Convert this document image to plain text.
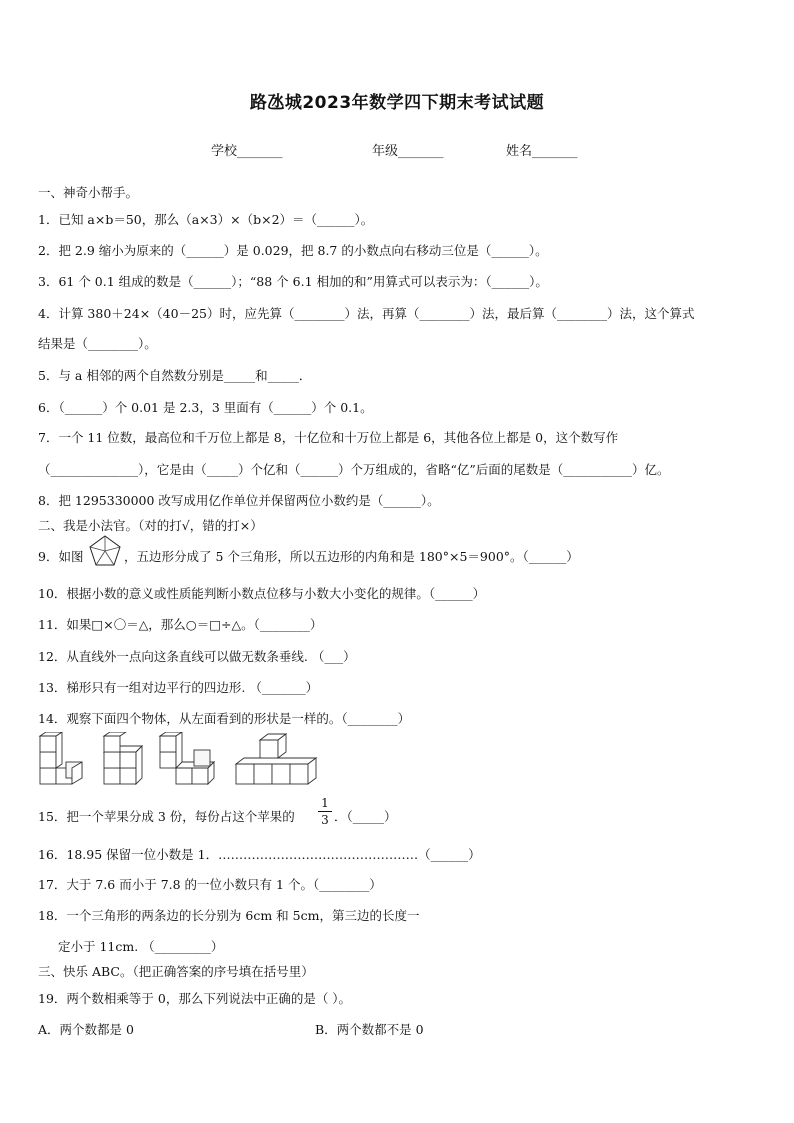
路氹城2023年数学四下期末考试试题
学校_______	年级_______	姓名_______
一、神奇小帮手。
1．已知 a×b＝50，那么（a×3）×（b×2）＝（______）。
2．把 2.9 缩小为原来的（______）是 0.029，把 8.7 的小数点向右移动三位是（______）。
3．61 个 0.1 组成的数是（______）；“88 个 6.1 相加的和”用算式可以表示为：（______）。
4．计算 380＋24×（40－25）时，应先算（________）法，再算（________）法，最后算（________）法，这个算式
结果是（________）。
5．与 a 相邻的两个自然数分别是_____和_____．
6．（______）个 0.01 是 2.3，3 里面有（______）个 0.1。
7．一个 11 位数，最高位和千万位上都是 8，十亿位和十万位上都是 6，其他各位上都是 0，这个数写作
（______________），它是由（_____）个亿和（______）个万组成的，省略“亿”后面的尾数是（___________）亿。
8．把 1295330000 改写成用亿作单位并保留两位小数约是（______）。
二、我是小法官。（对的打√，错的打×）
9．如图	，五边形分成了 5 个三角形，所以五边形的内角和是 180°×5＝900°。（______）
10．根据小数的意义或性质能判断小数点位移与小数大小变化的规律。（______）
11．如果□×〇＝△，那么○＝□÷△。（________）
12．从直线外一点向这条直线可以做无数条垂线. （___）
13．梯形只有一组对边平行的四边形. （_______）
14．观察下面四个物体，从左面看到的形状是一样的。（________）
15．把一个苹果分成 3 份，每份占这个苹果的
1
3 ．（_____）
16．18.95 保留一位小数是 1．…………………………………………（______）
17．大于 7.6 而小于 7.8 的一位小数只有 1 个。（________）
18．一个三角形的两条边的长分别为 6cm 和 5cm，第三边的长度一
定小于 11cm. （_________）
三、快乐 ABC。（把正确答案的序号填在括号里）
19．两个数相乘等于 0，那么下列说法中正确的是（ ）。
A．两个数都是 0	B．两个数都不是 0
